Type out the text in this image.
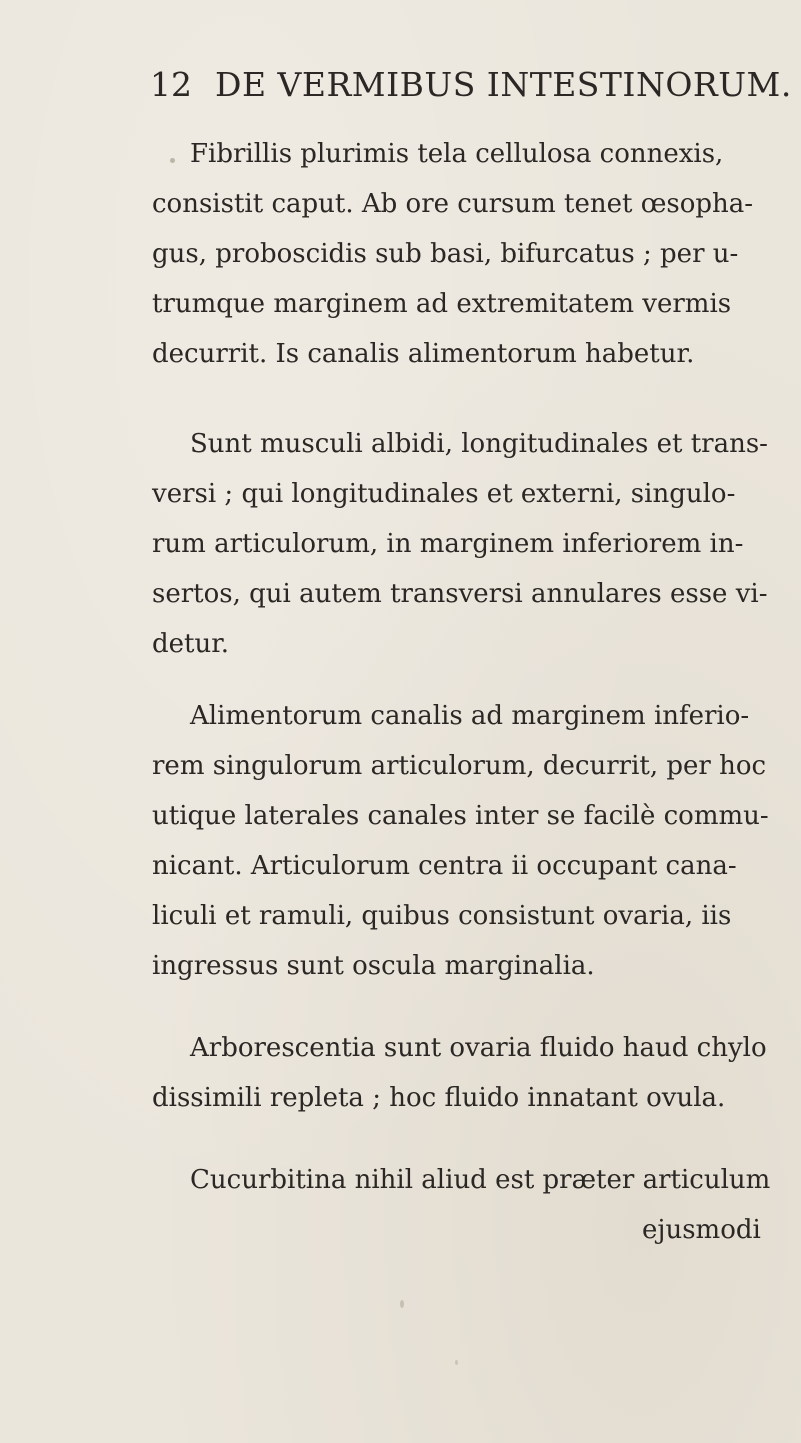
12 DE VERMIBUS INTESTINORUM.
Fibrillis plurimis tela cellulosa connexis,
consistit caput. Ab ore cursum tenet œsopha-
gus, proboscidis sub basi, bifurcatus ; per u-
trumque marginem ad extremitatem vermis
decurrit. Is canalis alimentorum habetur.
Sunt musculi albidi, longitudinales et trans-
versi ; qui longitudinales et externi, singulo-
rum articulorum, in marginem inferiorem in-
sertos, qui autem transversi annulares esse vi-
detur.
Alimentorum canalis ad marginem inferio-
rem singulorum articulorum, decurrit, per hoc
utique laterales canales inter se facilè commu-
nicant. Articulorum centra ii occupant cana-
liculi et ramuli, quibus consistunt ovaria, iis
ingressus sunt oscula marginalia.
Arborescentia sunt ovaria fluido haud chylo
dissimili repleta ; hoc fluido innatant ovula.
Cucurbitina nihil aliud est præter articulum
ejusmodi
